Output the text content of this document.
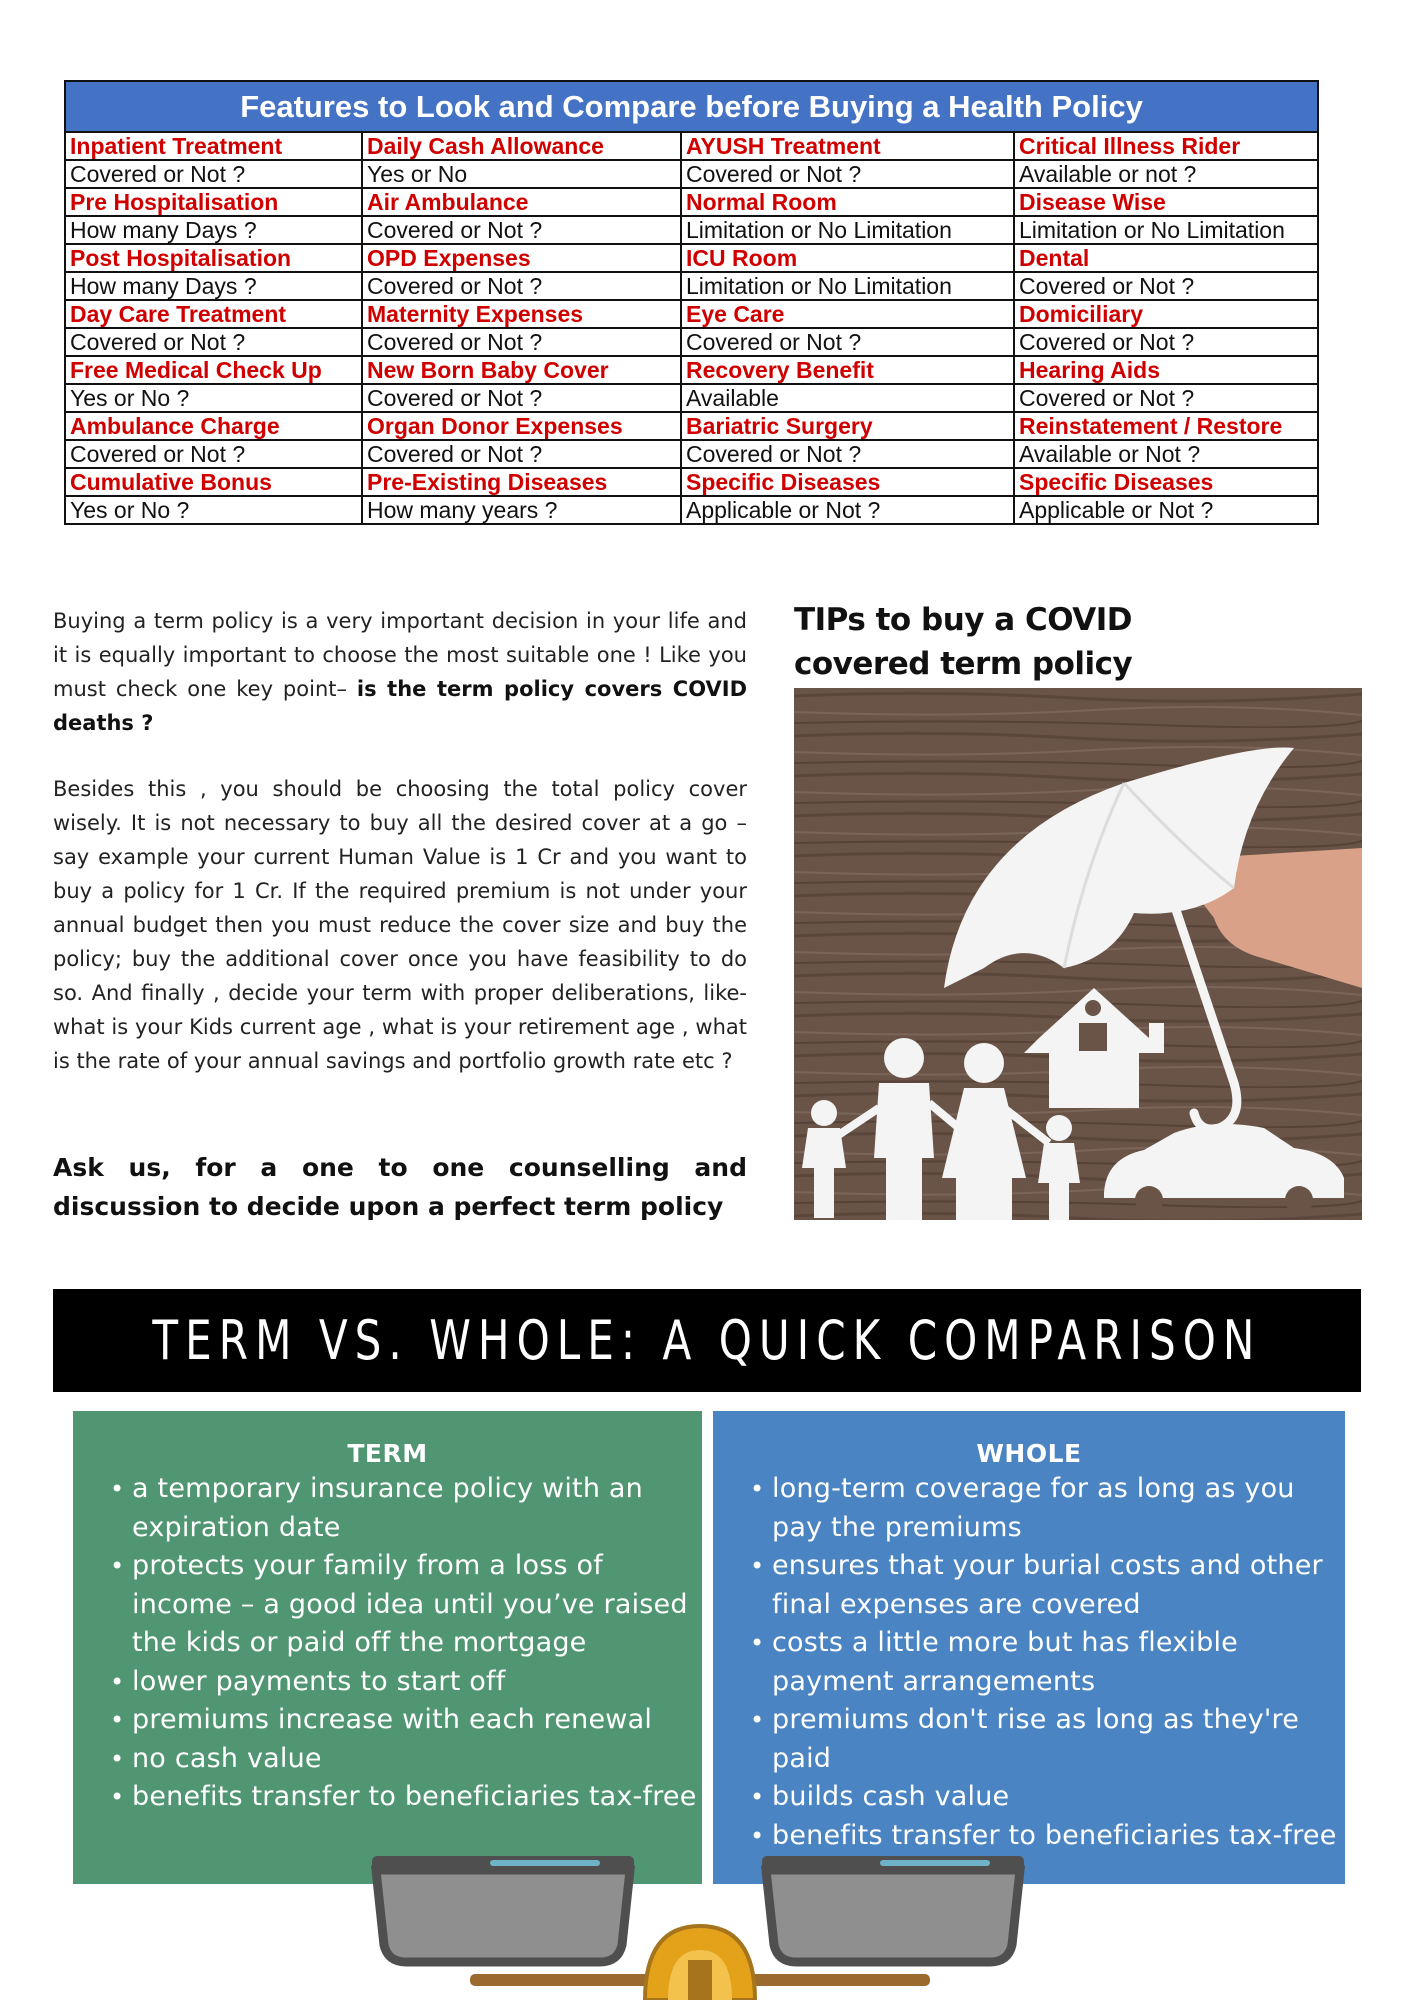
Features to Look and Compare before Buying a Health Policy			
Inpatient Treatment	Daily Cash Allowance	AYUSH Treatment	Critical Illness Rider
Covered or Not ?	Yes or No	Covered or Not ?	Available or not ?
Pre Hospitalisation	Air Ambulance	Normal Room	Disease Wise
How many Days ?	Covered or Not ?	Limitation or No Limitation	Limitation or No Limitation
Post Hospitalisation	OPD Expenses	ICU Room	Dental
How many Days ?	Covered or Not ?	Limitation or No Limitation	Covered or Not ?
Day Care Treatment	Maternity Expenses	Eye Care	Domiciliary
Covered or Not ?	Covered or Not ?	Covered or Not ?	Covered or Not ?
Free Medical Check Up	New Born Baby Cover	Recovery Benefit	Hearing Aids
Yes or No ?	Covered or Not ?	Available	Covered or Not ?
Ambulance Charge	Organ Donor Expenses	Bariatric Surgery	Reinstatement / Restore
Covered or Not ?	Covered or Not ?	Covered or Not ?	Available or Not ?
Cumulative Bonus	Pre-Existing Diseases	Specific Diseases	Specific Diseases
Yes or No ?	How many years ?	Applicable or Not ?	Applicable or Not ?
Buying a term policy is a very important decision in your life and it is equally important to choose the most suitable one ! Like you must check one key point– is the term policy covers COVID deaths ?
Besides this , you should be choosing the total policy cover wisely. It is not necessary to buy all the desired cover at a go – say example your current Human Value is 1 Cr and you want to buy a policy for 1 Cr. If the required premium is not under your annual budget then you must reduce the cover size and buy the policy; buy the additional cover once you have feasibility to do so. And finally , decide your term with proper deliberations, like- what is your Kids current age , what is your retirement age , what is the rate of your annual savings and portfolio growth rate etc ?
Ask us, for a one to one counselling and discussion to decide upon a perfect term policy
TIPs to buy a COVID covered term policy
TERM VS. WHOLE: A QUICK COMPARISON
TERM
• a temporary insurance policy with an expiration date
• protects your family from a loss of income – a good idea until you’ve raised the kids or paid off the mortgage
• lower payments to start off
• premiums increase with each renewal
• no cash value
• benefits transfer to beneficiaries tax-free
WHOLE
• long-term coverage for as long as you pay the premiums
• ensures that your burial costs and other final expenses are covered
• costs a little more but has flexible payment arrangements
• premiums don't rise as long as they're paid
• builds cash value
• benefits transfer to beneficiaries tax-free
